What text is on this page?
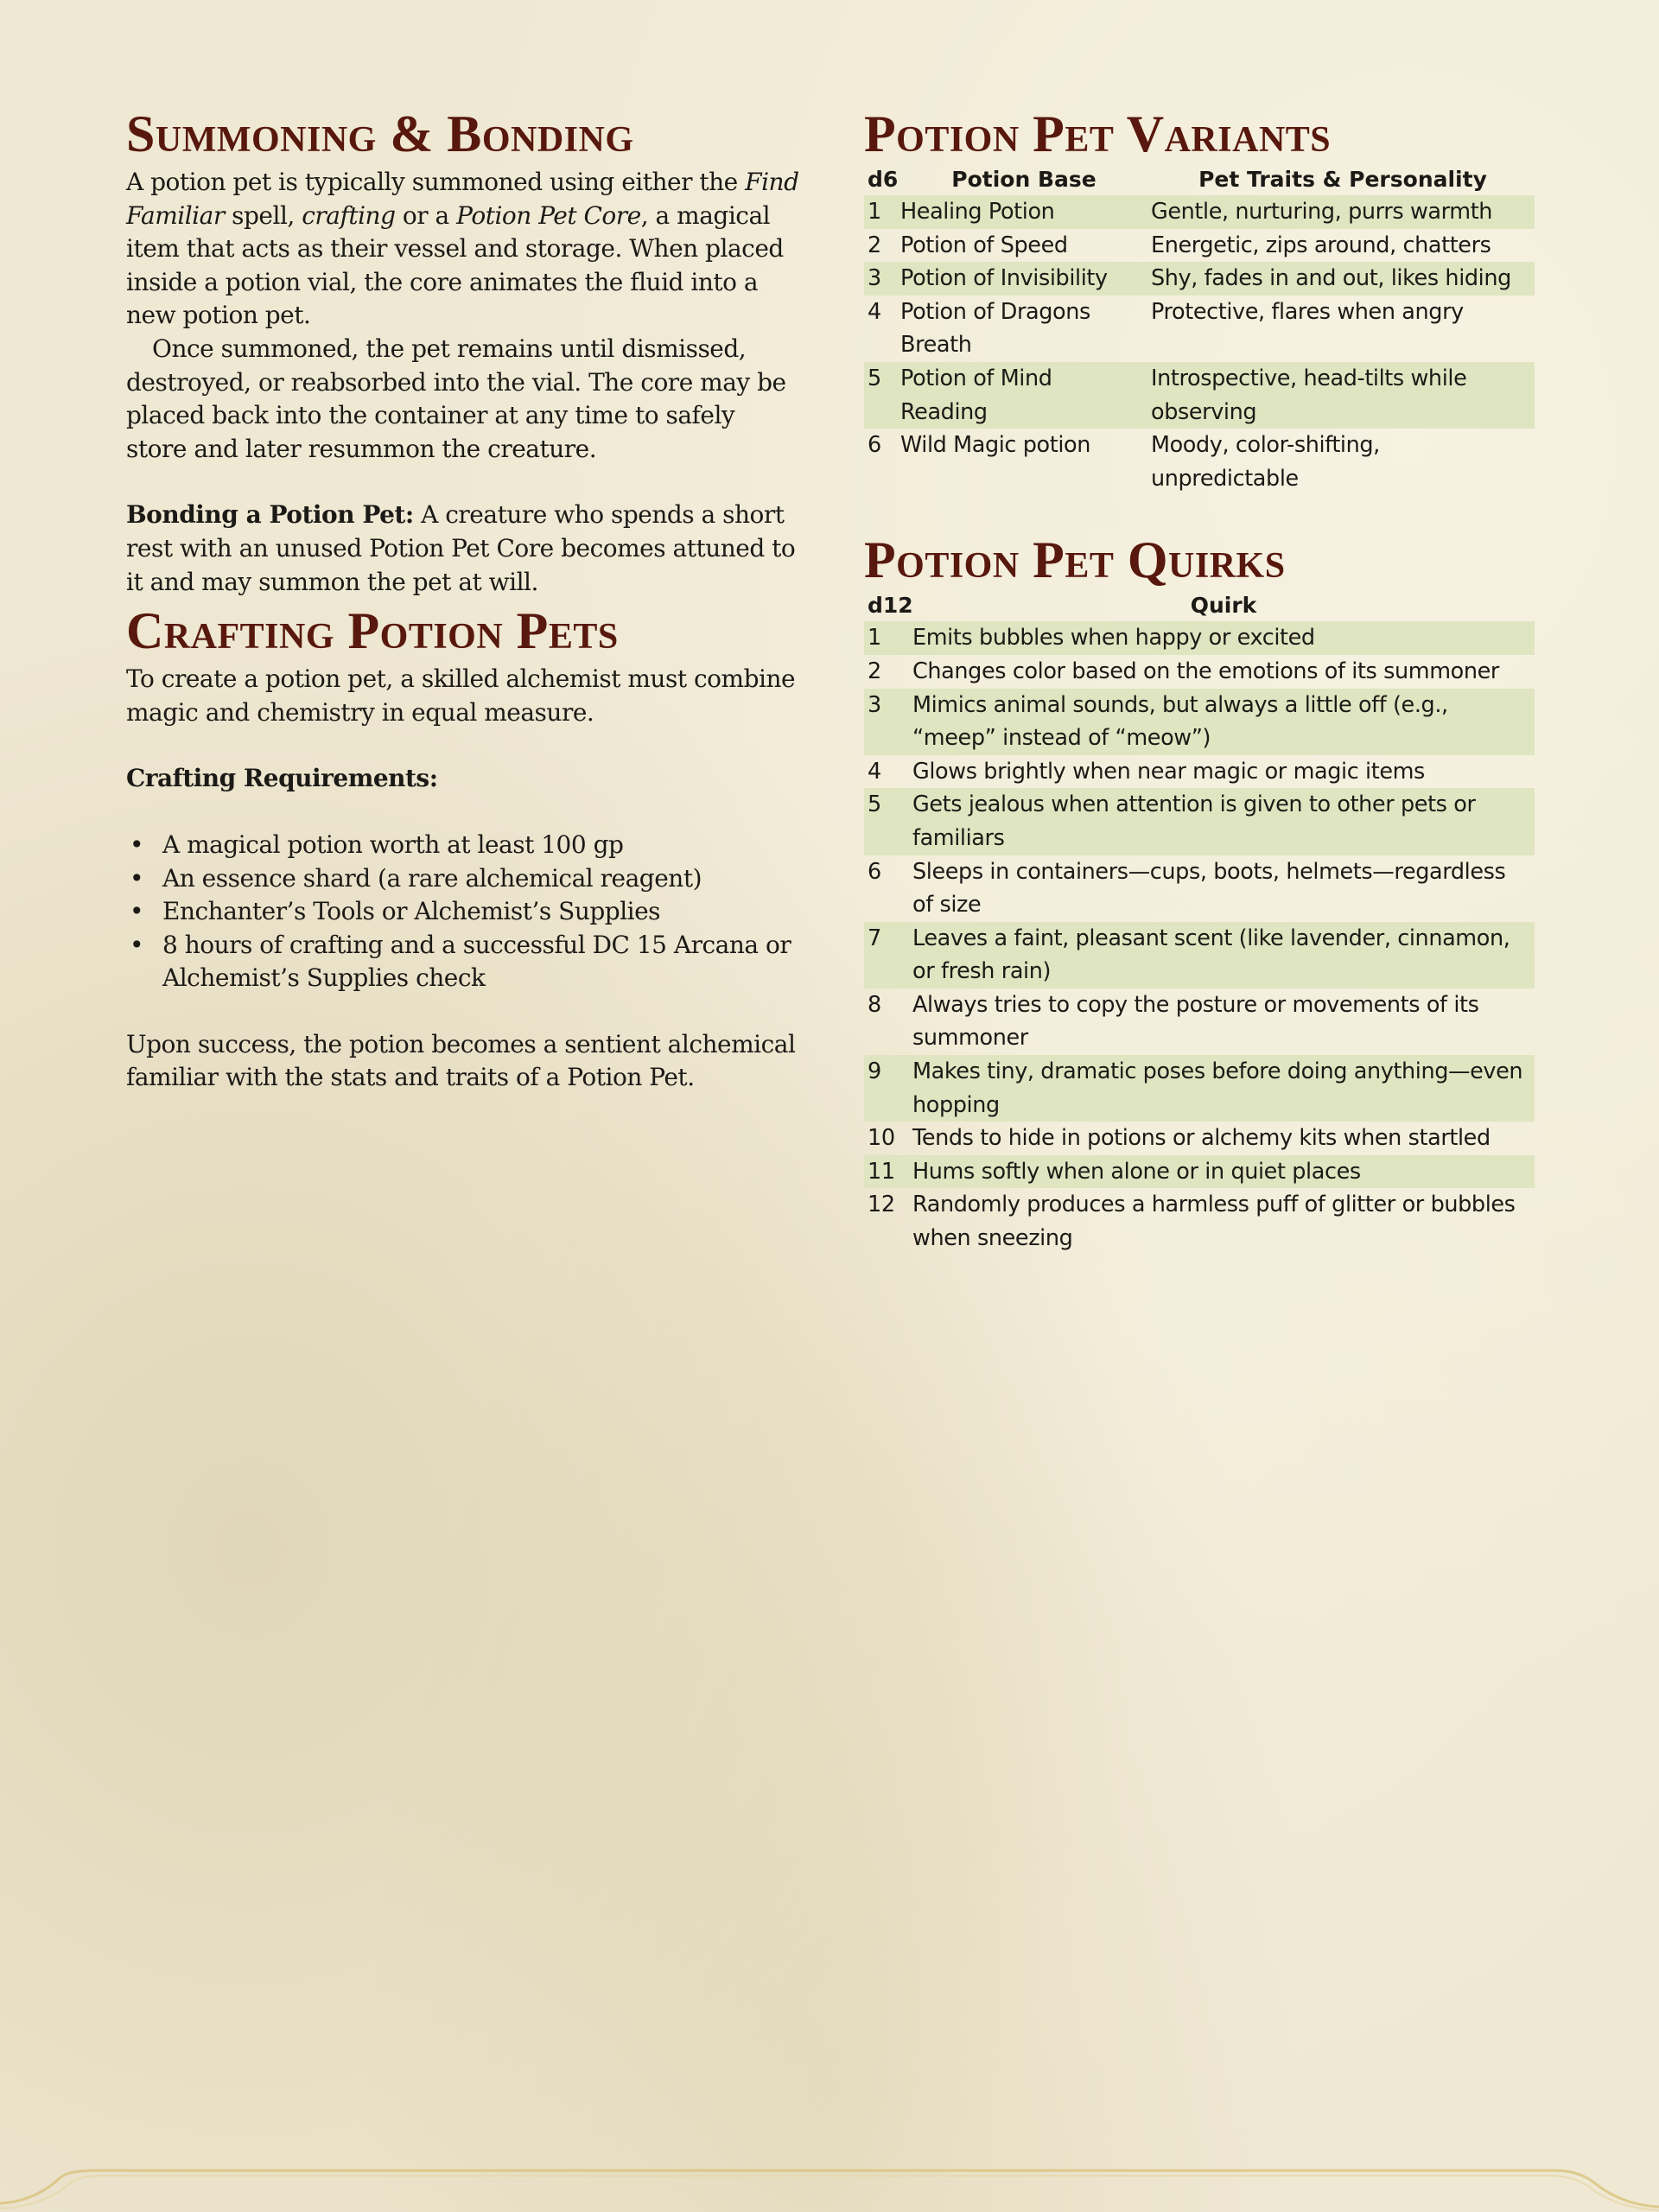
Summoning & Bonding

A potion pet is typically summoned using either the Find Familiar spell, crafting or a Potion Pet Core, a magical item that acts as their vessel and storage. When placed inside a potion vial, the core animates the fluid into a new potion pet.

Once summoned, the pet remains until dismissed, destroyed, or reabsorbed into the vial. The core may be placed back into the container at any time to safely store and later resummon the creature.

Bonding a Potion Pet: A creature who spends a short rest with an unused Potion Pet Core becomes attuned to it and may summon the pet at will.

Crafting Potion Pets

To create a potion pet, a skilled alchemist must combine magic and chemistry in equal measure.

Crafting Requirements:

• A magical potion worth at least 100 gp
• An essence shard (a rare alchemical reagent)
• Enchanter’s Tools or Alchemist’s Supplies
• 8 hours of crafting and a successful DC 15 Arcana or Alchemist’s Supplies check

Upon success, the potion becomes a sentient alchemical familiar with the stats and traits of a Potion Pet.

Potion Pet Variants
d6	Potion Base	Pet Traits & Personality
1	Healing Potion	Gentle, nurturing, purrs warmth
2	Potion of Speed	Energetic, zips around, chatters
3	Potion of Invisibility	Shy, fades in and out, likes hiding
4	Potion of Dragons Breath	Protective, flares when angry
5	Potion of Mind Reading	Introspective, head-tilts while observing
6	Wild Magic potion	Moody, color-shifting, unpredictable
Potion Pet Quirks
d12	Quirk
1	Emits bubbles when happy or excited
2	Changes color based on the emotions of its summoner
3	Mimics animal sounds, but always a little off (e.g., “meep” instead of “meow”)
4	Glows brightly when near magic or magic items
5	Gets jealous when attention is given to other pets or familiars
6	Sleeps in containers—cups, boots, helmets—regardless of size
7	Leaves a faint, pleasant scent (like lavender, cinnamon, or fresh rain)
8	Always tries to copy the posture or movements of its summoner
9	Makes tiny, dramatic poses before doing anything—even hopping
10	Tends to hide in potions or alchemy kits when startled
11	Hums softly when alone or in quiet places
12	Randomly produces a harmless puff of glitter or bubbles when sneezing
